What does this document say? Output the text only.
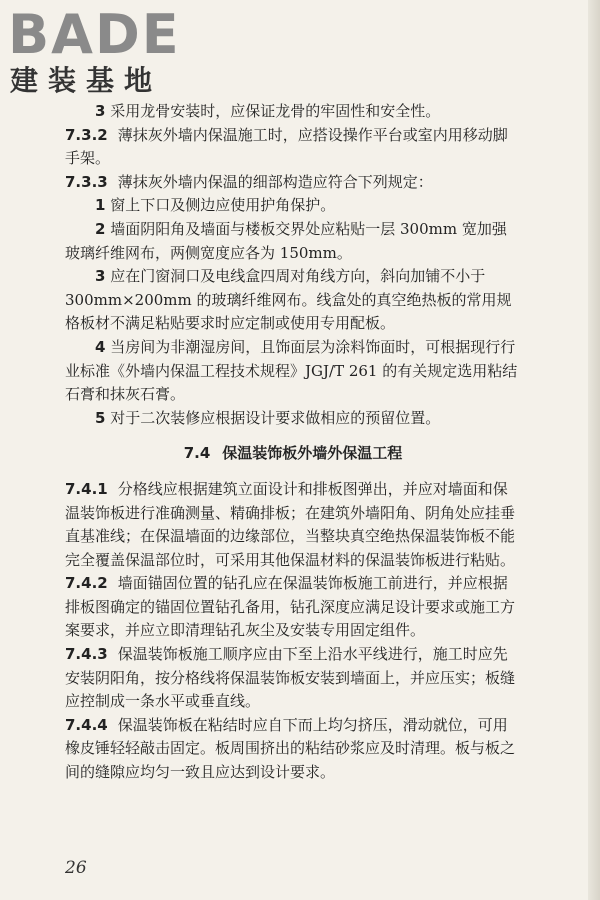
BADE
建装基地

3 采用龙骨安装时，应保证龙骨的牢固性和安全性。

7.3.2 薄抹灰外墙内保温施工时，应搭设操作平台或室内用移动脚手架。

7.3.3 薄抹灰外墙内保温的细部构造应符合下列规定：

1 窗上下口及侧边应使用护角保护。

2 墙面阴阳角及墙面与楼板交界处应粘贴一层 300mm 宽加强玻璃纤维网布，两侧宽度应各为 150mm。

3 应在门窗洞口及电线盒四周对角线方向，斜向加铺不小于 300mm×200mm 的玻璃纤维网布。线盒处的真空绝热板的常用规格板材不满足粘贴要求时应定制或使用专用配板。

4 当房间为非潮湿房间，且饰面层为涂料饰面时，可根据现行行业标准《外墙内保温工程技术规程》JGJ/T 261 的有关规定选用粘结石膏和抹灰石膏。

5 对于二次装修应根据设计要求做相应的预留位置。

7.4 保温装饰板外墙外保温工程

7.4.1 分格线应根据建筑立面设计和排板图弹出，并应对墙面和保温装饰板进行准确测量、精确排板；在建筑外墙阳角、阴角处应挂垂直基准线；在保温墙面的边缘部位，当整块真空绝热保温装饰板不能完全覆盖保温部位时，可采用其他保温材料的保温装饰板进行粘贴。

7.4.2 墙面锚固位置的钻孔应在保温装饰板施工前进行，并应根据排板图确定的锚固位置钻孔备用，钻孔深度应满足设计要求或施工方案要求，并应立即清理钻孔灰尘及安装专用固定组件。

7.4.3 保温装饰板施工顺序应由下至上沿水平线进行，施工时应先安装阴阳角，按分格线将保温装饰板安装到墙面上，并应压实；板缝应控制成一条水平或垂直线。

7.4.4 保温装饰板在粘结时应自下而上均匀挤压，滑动就位，可用橡皮锤轻轻敲击固定。板周围挤出的粘结砂浆应及时清理。板与板之间的缝隙应均匀一致且应达到设计要求。

26
